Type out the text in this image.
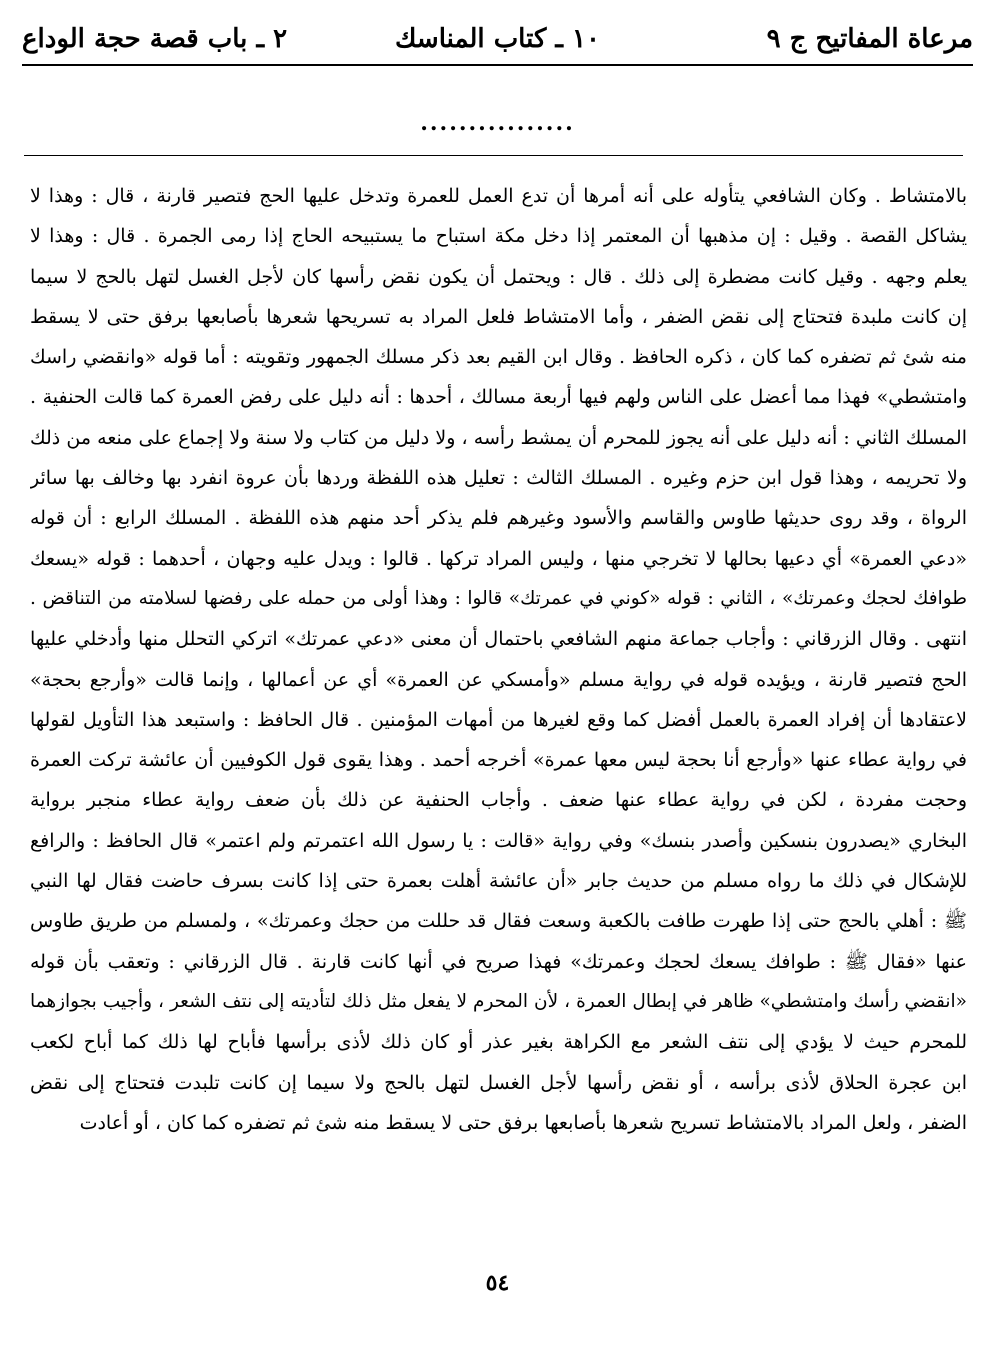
مرعاة المفاتيح ج ٩
١٠ ـ كتاب المناسك
٢ ـ باب قصة حجة الوداع
................
بالامتشاط . وكان الشافعي يتأوله على أنه أمرها أن تدع العمل للعمرة وتدخل عليها الحج فتصير قارنة ، قال : وهذا لا
يشاكل القصة . وقيل : إن مذهبها أن المعتمر إذا دخل مكة استباح ما يستبيحه الحاج إذا رمى الجمرة . قال : وهذا لا
يعلم وجهه . وقيل كانت مضطرة إلى ذلك . قال : ويحتمل أن يكون نقض رأسها كان لأجل الغسل لتهل بالحج لا سيما
إن كانت ملبدة فتحتاج إلى نقض الضفر ، وأما الامتشاط فلعل المراد به تسريحها شعرها بأصابعها برفق حتى لا يسقط
منه شئ ثم تضفره كما كان ، ذكره الحافظ . وقال ابن القيم بعد ذكر مسلك الجمهور وتقويته : أما قوله «وانقضي راسك
وامتشطي» فهذا مما أعضل على الناس ولهم فيها أربعة مسالك ، أحدها : أنه دليل على رفض العمرة كما قالت الحنفية .
المسلك الثاني : أنه دليل على أنه يجوز للمحرم أن يمشط رأسه ، ولا دليل من كتاب ولا سنة ولا إجماع على منعه من ذلك
ولا تحريمه ، وهذا قول ابن حزم وغيره . المسلك الثالث : تعليل هذه اللفظة وردها بأن عروة انفرد بها وخالف بها سائر
الرواة ، وقد روى حديثها طاوس والقاسم والأسود وغيرهم فلم يذكر أحد منهم هذه اللفظة . المسلك الرابع : أن قوله
«دعي العمرة» أي دعيها بحالها لا تخرجي منها ، وليس المراد تركها . قالوا : ويدل عليه وجهان ، أحدهما : قوله «يسعك
طوافك لحجك وعمرتك» ، الثاني : قوله «كوني في عمرتك» قالوا : وهذا أولى من حمله على رفضها لسلامته من التناقض .
انتهى . وقال الزرقاني : وأجاب جماعة منهم الشافعي باحتمال أن معنى «دعي عمرتك» اتركي التحلل منها وأدخلي عليها
الحج فتصير قارنة ، ويؤيده قوله في رواية مسلم «وأمسكي عن العمرة» أي عن أعمالها ، وإنما قالت «وأرجع بحجة»
لاعتقادها أن إفراد العمرة بالعمل أفضل كما وقع لغيرها من أمهات المؤمنين . قال الحافظ : واستبعد هذا التأويل لقولها
في رواية عطاء عنها «وأرجع أنا بحجة ليس معها عمرة» أخرجه أحمد . وهذا يقوى قول الكوفيين أن عائشة تركت العمرة
وحجت مفردة ، لكن في رواية عطاء عنها ضعف . وأجاب الحنفية عن ذلك بأن ضعف رواية عطاء منجبر برواية
البخاري «يصدرون بنسكين وأصدر بنسك» وفي رواية «قالت : يا رسول الله اعتمرتم ولم اعتمر» قال الحافظ : والرافع
للإشكال في ذلك ما رواه مسلم من حديث جابر «أن عائشة أهلت بعمرة حتى إذا كانت بسرف حاضت فقال لها النبي
ﷺ : أهلي بالحج حتى إذا طهرت طافت بالكعبة وسعت فقال قد حللت من حجك وعمرتك» ، ولمسلم من طريق طاوس
عنها «فقال ﷺ : طوافك يسعك لحجك وعمرتك» فهذا صريح في أنها كانت قارنة . قال الزرقاني : وتعقب بأن قوله
«انقضي رأسك وامتشطي» ظاهر في إبطال العمرة ، لأن المحرم لا يفعل مثل ذلك لتأديته إلى نتف الشعر ، وأجيب بجوازهما
للمحرم حيث لا يؤدي إلى نتف الشعر مع الكراهة بغير عذر أو كان ذلك لأذى برأسها فأباح لها ذلك كما أباح لكعب
ابن عجرة الحلاق لأذى برأسه ، أو نقض رأسها لأجل الغسل لتهل بالحج ولا سيما إن كانت تلبدت فتحتاج إلى نقض
الضفر ، ولعل المراد بالامتشاط تسريح شعرها بأصابعها برفق حتى لا يسقط منه شئ ثم تضفره كما كان ، أو أعادت
٥٤
